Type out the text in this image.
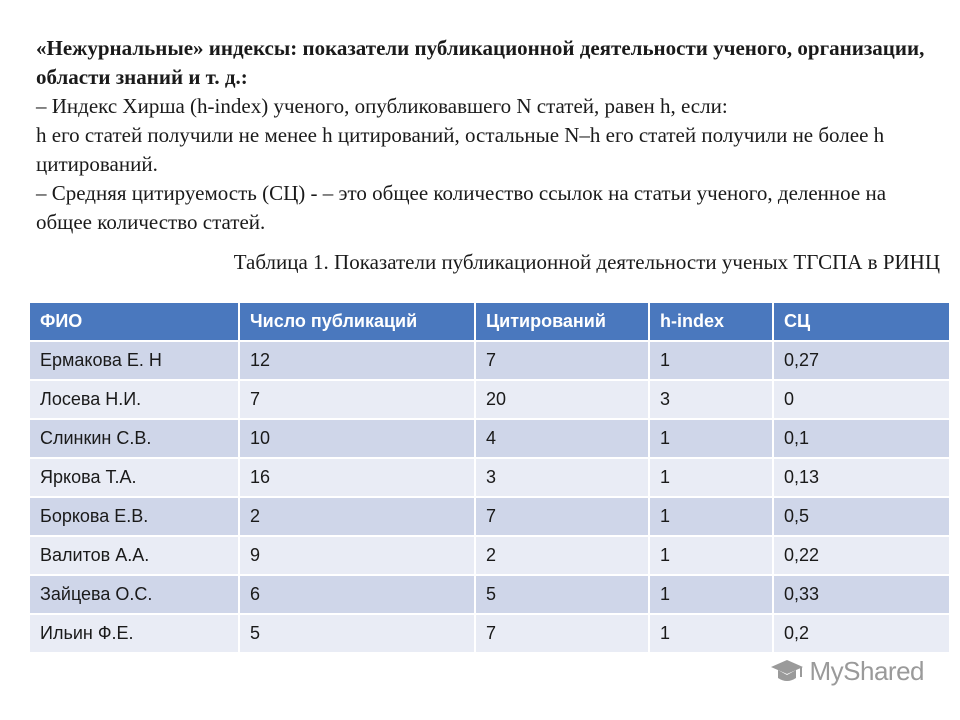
«Нежурнальные» индексы: показатели публикационной деятельности ученого, организации, области знаний и т. д.:

– Индекс Хирша (h-index) ученого, опубликовавшего N статей, равен h, если:

h его статей получили не менее h цитирований, остальные N–h его статей получили не более h цитирований.

– Средняя цитируемость (СЦ) - – это общее количество ссылок на статьи ученого, деленное на общее количество статей.

Таблица 1. Показатели публикационной деятельности ученых ТГСПА в РИНЦ
ФИО	Число публикаций	Цитирований	h-index	СЦ
Ермакова Е. Н	12	7	1	0,27
Лосева Н.И.	7	20	3	0
Слинкин С.В.	10	4	1	0,1
Яркова Т.А.	16	3	1	0,13
Боркова Е.В.	2	7	1	0,5
Валитов А.А.	9	2	1	0,22
Зайцева О.С.	6	5	1	0,33
Ильин Ф.Е.	5	7	1	0,2
MyShared
